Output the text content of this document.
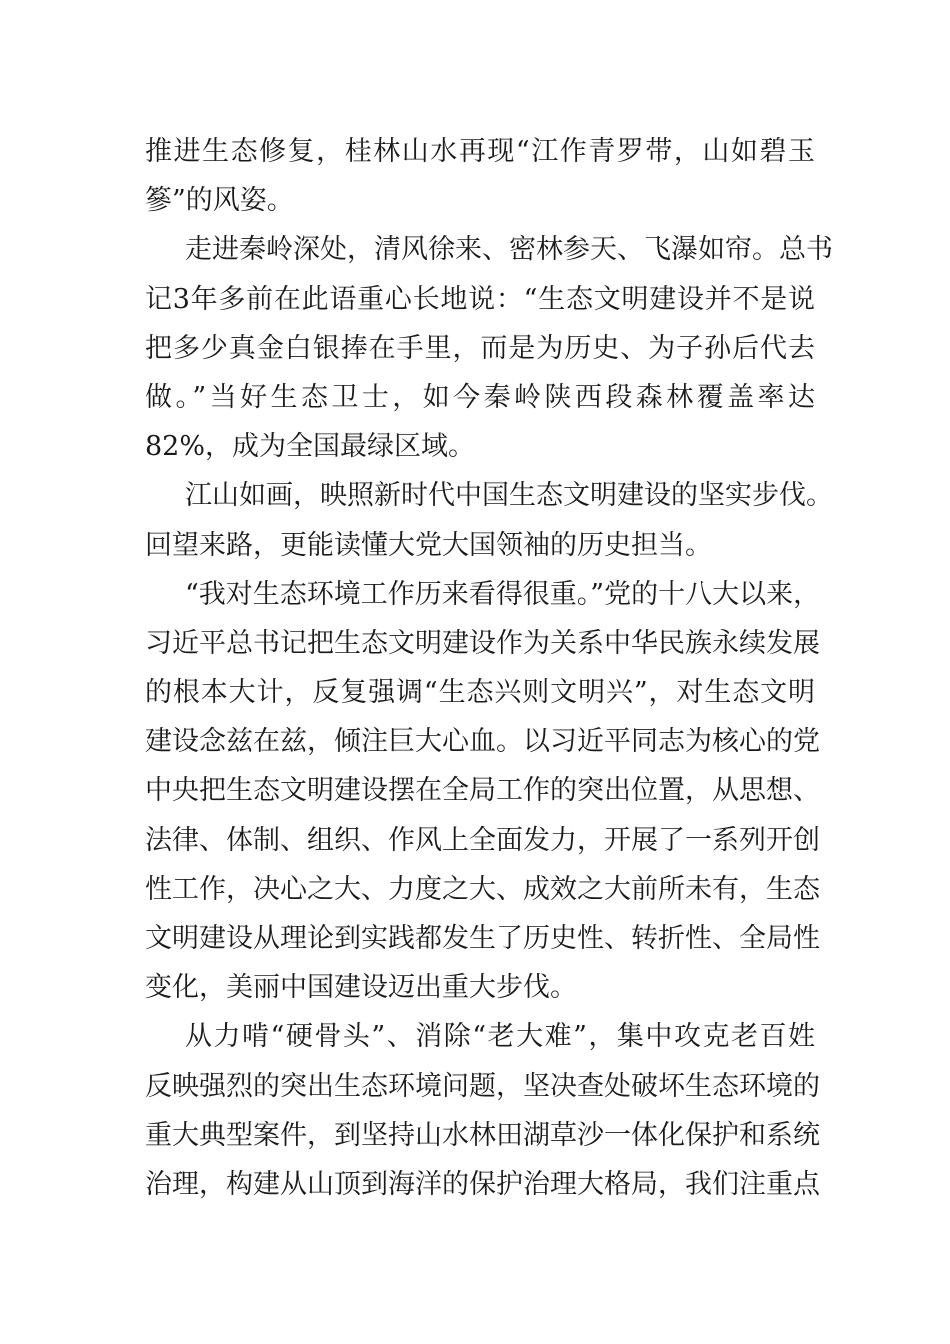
推进生态修复，桂林山水再现“江作青罗带，山如碧玉
篸”的风姿。

走进秦岭深处，清风徐来、密林参天、飞瀑如帘。总书
记3年多前在此语重心长地说：“生态文明建设并不是说
把多少真金白银捧在手里，而是为历史、为子孙后代去
做。”当好生态卫士，如今秦岭陕西段森林覆盖率达
82%，成为全国最绿区域。

江山如画，映照新时代中国生态文明建设的坚实步伐。
回望来路，更能读懂大党大国领袖的历史担当。

“我对生态环境工作历来看得很重。”党的十八大以来，
习近平总书记把生态文明建设作为关系中华民族永续发展
的根本大计，反复强调“生态兴则文明兴”，对生态文明
建设念兹在兹，倾注巨大心血。以习近平同志为核心的党
中央把生态文明建设摆在全局工作的突出位置，从思想、
法律、体制、组织、作风上全面发力，开展了一系列开创
性工作，决心之大、力度之大、成效之大前所未有，生态
文明建设从理论到实践都发生了历史性、转折性、全局性
变化，美丽中国建设迈出重大步伐。

从力啃“硬骨头”、消除“老大难”，集中攻克老百姓
反映强烈的突出生态环境问题，坚决查处破坏生态环境的
重大典型案件，到坚持山水林田湖草沙一体化保护和系统
治理，构建从山顶到海洋的保护治理大格局，我们注重点
